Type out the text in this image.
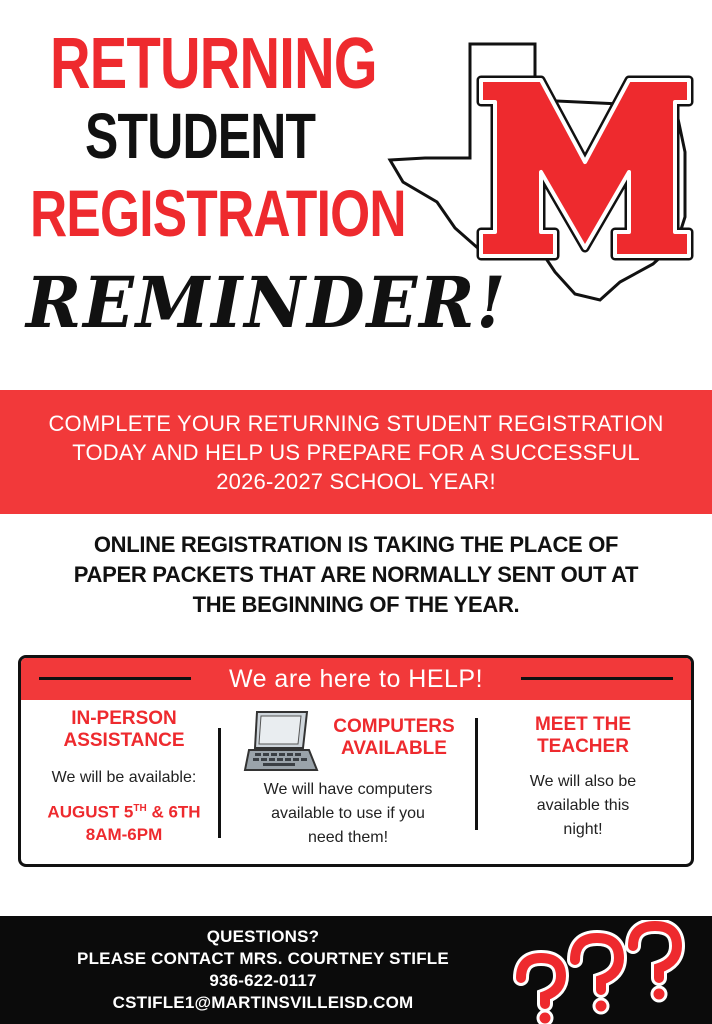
RETURNING
STUDENT
REGISTRATION
REMINDER!
COMPLETE YOUR RETURNING STUDENT REGISTRATION
TODAY AND HELP US PREPARE FOR A SUCCESSFUL
2026-2027 SCHOOL YEAR!
ONLINE REGISTRATION IS TAKING THE PLACE OF
PAPER PACKETS THAT ARE NORMALLY SENT OUT AT
THE BEGINNING OF THE YEAR.
We are here to HELP!
IN-PERSON
ASSISTANCE
We will be available:
AUGUST 5TH & 6TH
8AM-6PM
COMPUTERS
AVAILABLE
We will have computers
available to use if you
need them!
MEET THE
TEACHER
We will also be
available this
night!
QUESTIONS?
PLEASE CONTACT MRS. COURTNEY STIFLE
936-622-0117
CSTIFLE1@MARTINSVILLEISD.COM
